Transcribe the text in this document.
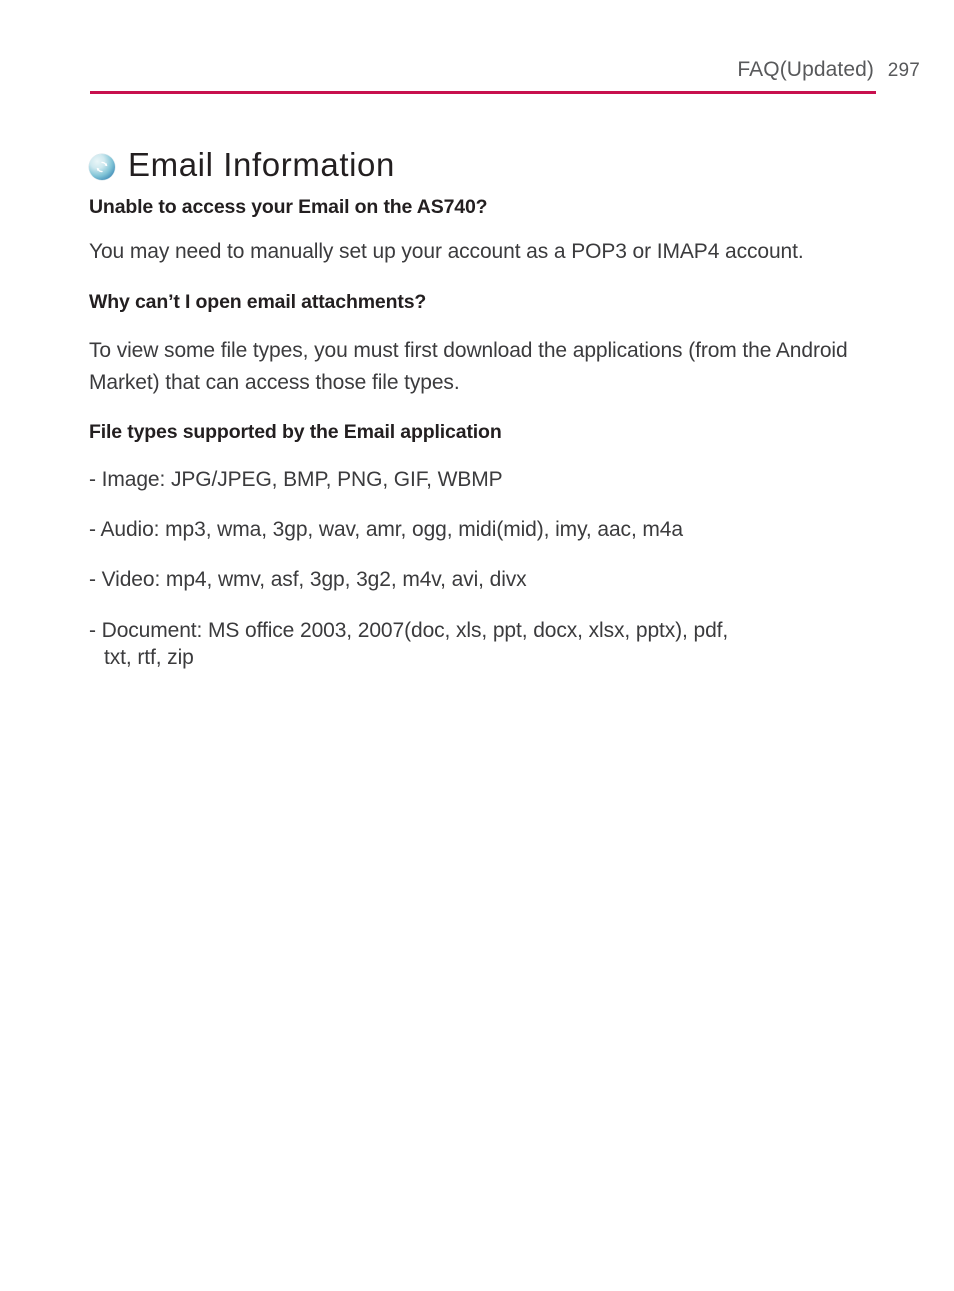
FAQ(Updated) 297
Email Information
Unable to access your Email on the AS740?

You may need to manually set up your account as a POP3 or IMAP4 account.

Why can’t I open email attachments?

To view some file types, you must first download the applications (from the Android Market) that can access those file types.

File types supported by the Email application

- Image: JPG/JPEG, BMP, PNG, GIF, WBMP

- Audio: mp3, wma, 3gp, wav, amr, ogg, midi(mid), imy, aac, m4a

- Video: mp4, wmv, asf, 3gp, 3g2, m4v, avi, divx

- Document: MS office 2003, 2007(doc, xls, ppt, docx, xlsx, pptx), pdf,
txt, rtf, zip
